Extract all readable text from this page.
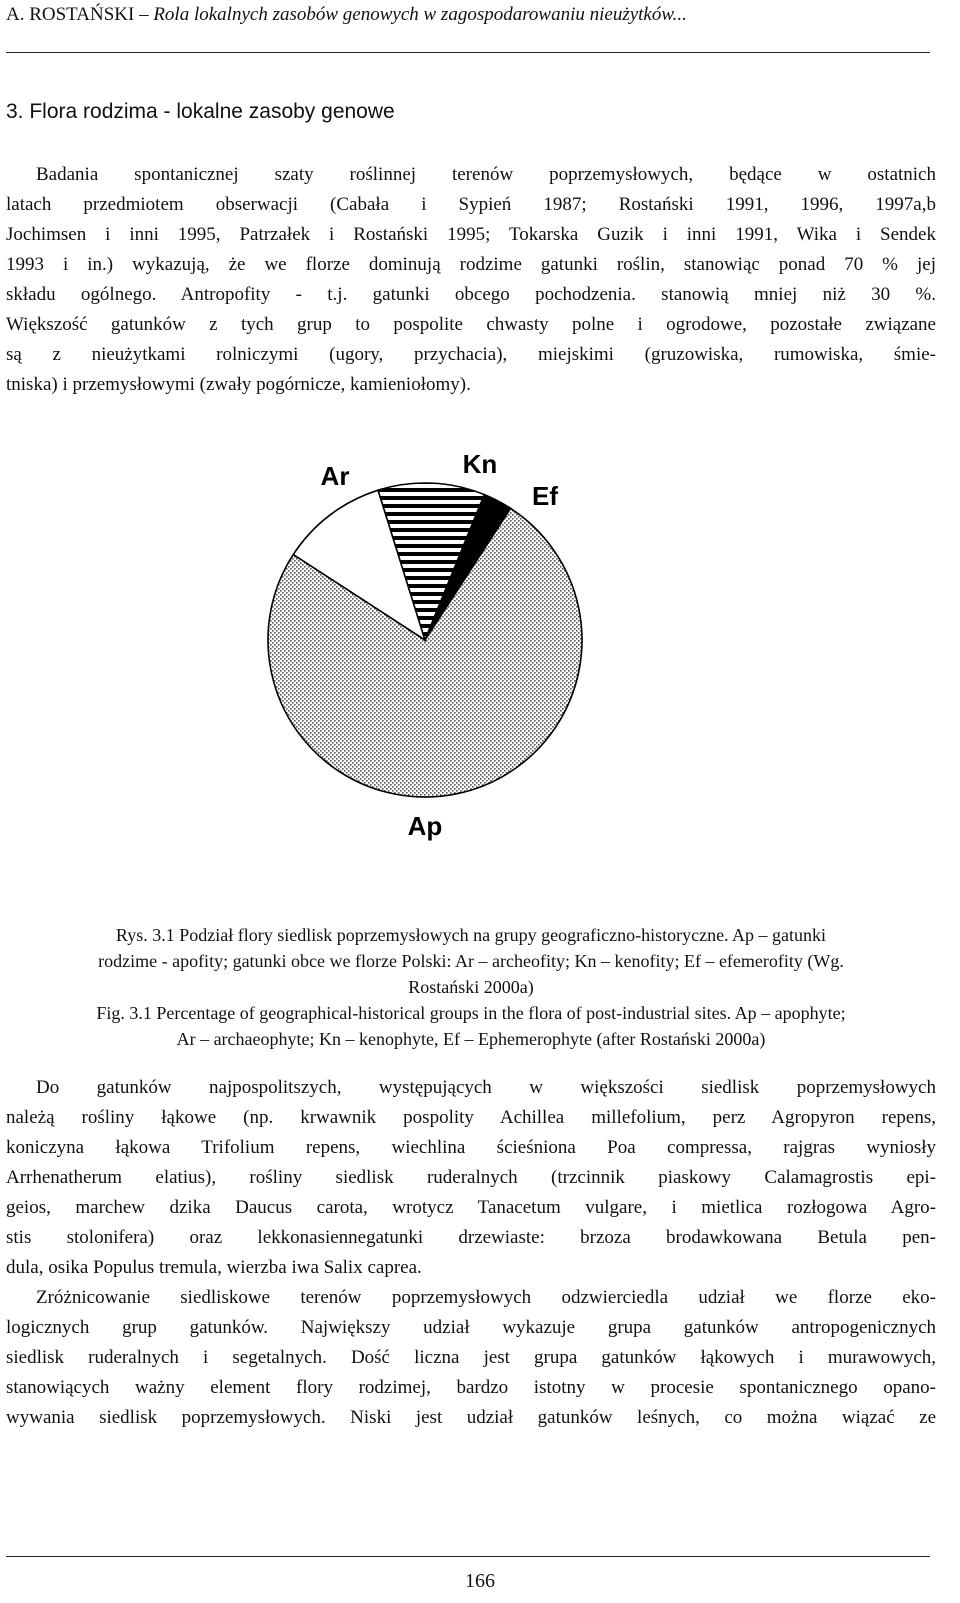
A. ROSTAŃSKI – Rola lokalnych zasobów genowych w zagospodarowaniu nieużytków...
3. Flora rodzima - lokalne zasoby genowe
Badania spontanicznej szaty roślinnej terenów poprzemysłowych, będące w ostatnich
latach przedmiotem obserwacji (Cabała i Sypień 1987; Rostański 1991, 1996, 1997a,b
Jochimsen i inni 1995, Patrzałek i Rostański 1995; Tokarska Guzik i inni 1991, Wika i Sendek
1993 i in.) wykazują, że we florze dominują rodzime gatunki roślin, stanowiąc ponad 70 % jej
składu ogólnego. Antropofity - t.j. gatunki obcego pochodzenia. stanowią mniej niż 30 %.
Większość gatunków z tych grup to pospolite chwasty polne i ogrodowe, pozostałe związane
są z nieużytkami rolniczymi (ugory, przychacia), miejskimi (gruzowiska, rumowiska, śmie-
tniska) i przemysłowymi (zwały pogórnicze, kamieniołomy).
Ap
Ar	Kn
Ef
Rys. 3.1 Podział flory siedlisk poprzemysłowych na grupy geograficzno-historyczne. Ap – gatunki
rodzime - apofity; gatunki obce we florze Polski: Ar – archeofity; Kn – kenofity; Ef – efemerofity (Wg.
Rostański 2000a)
Fig. 3.1 Percentage of geographical-historical groups in the flora of post-industrial sites. Ap – apophyte;
Ar – archaeophyte; Kn – kenophyte, Ef – Ephemerophyte (after Rostański 2000a)
Do gatunków najpospolitszych, występujących w większości siedlisk poprzemysłowych
należą rośliny łąkowe (np. krwawnik pospolity Achillea millefolium, perz Agropyron repens,
koniczyna łąkowa Trifolium repens, wiechlina ścieśniona Poa compressa, rajgras wyniosły
Arrhenatherum elatius), rośliny siedlisk ruderalnych (trzcinnik piaskowy Calamagrostis epi-
geios, marchew dzika Daucus carota, wrotycz Tanacetum vulgare, i mietlica rozłogowa Agro-
stis stolonifera) oraz lekkonasiennegatunki drzewiaste: brzoza brodawkowana Betula pen-
dula, osika Populus tremula, wierzba iwa Salix caprea.
Zróżnicowanie siedliskowe terenów poprzemysłowych odzwierciedla udział we florze eko-
logicznych grup gatunków. Największy udział wykazuje grupa gatunków antropogenicznych
siedlisk ruderalnych i segetalnych. Dość liczna jest grupa gatunków łąkowych i murawowych,
stanowiących ważny element flory rodzimej, bardzo istotny w procesie spontanicznego opano-
wywania siedlisk poprzemysłowych. Niski jest udział gatunków leśnych, co można wiązać ze
166
